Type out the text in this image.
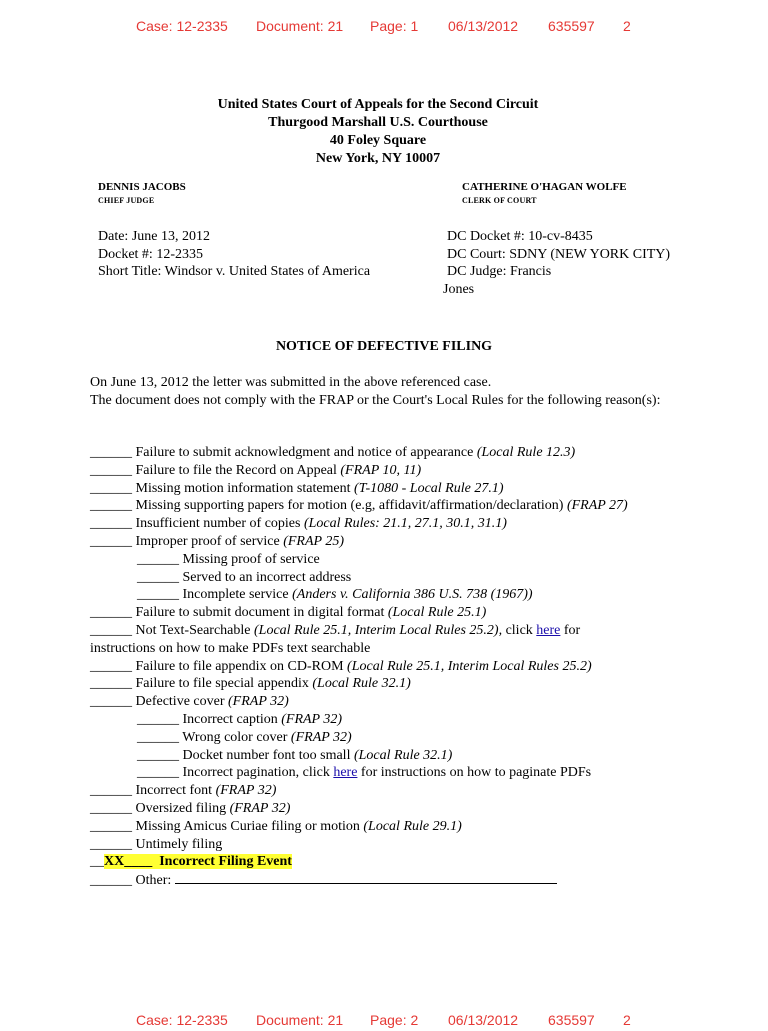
Case: 12-2335 Document: 21 Page: 1 06/13/2012 635597 2
United States Court of Appeals for the Second Circuit
Thurgood Marshall U.S. Courthouse
40 Foley Square
New York, NY 10007
DENNIS JACOBS
CHIEF JUDGE
CATHERINE O'HAGAN WOLFE
CLERK OF COURT
Date: June 13, 2012
Docket #: 12-2335
Short Title: Windsor v. United States of America
DC Docket #: 10-cv-8435
DC Court: SDNY (NEW YORK CITY)
DC Judge: Francis
Jones
NOTICE OF DEFECTIVE FILING
On June 13, 2012 the letter was submitted in the above referenced case.
The document does not comply with the FRAP or the Court's Local Rules for the following reason(s):
______ Failure to submit acknowledgment and notice of appearance (Local Rule 12.3)
______ Failure to file the Record on Appeal (FRAP 10, 11)
______ Missing motion information statement (T-1080 - Local Rule 27.1)
______ Missing supporting papers for motion (e.g, affidavit/affirmation/declaration) (FRAP 27)
______ Insufficient number of copies (Local Rules: 21.1, 27.1, 30.1, 31.1)
______ Improper proof of service (FRAP 25)
______ Missing proof of service
______ Served to an incorrect address
______ Incomplete service (Anders v. California 386 U.S. 738 (1967))
______ Failure to submit document in digital format (Local Rule 25.1)
______ Not Text-Searchable (Local Rule 25.1, Interim Local Rules 25.2), click here for
instructions on how to make PDFs text searchable
______ Failure to file appendix on CD-ROM (Local Rule 25.1, Interim Local Rules 25.2)
______ Failure to file special appendix (Local Rule 32.1)
______ Defective cover (FRAP 32)
______ Incorrect caption (FRAP 32)
______ Wrong color cover (FRAP 32)
______ Docket number font too small (Local Rule 32.1)
______ Incorrect pagination, click here for instructions on how to paginate PDFs
______ Incorrect font (FRAP 32)
______ Oversized filing (FRAP 32)
______ Missing Amicus Curiae filing or motion (Local Rule 29.1)
______ Untimely filing
__XX____  Incorrect Filing Event
______ Other:
Case: 12-2335 Document: 21 Page: 2 06/13/2012 635597 2
